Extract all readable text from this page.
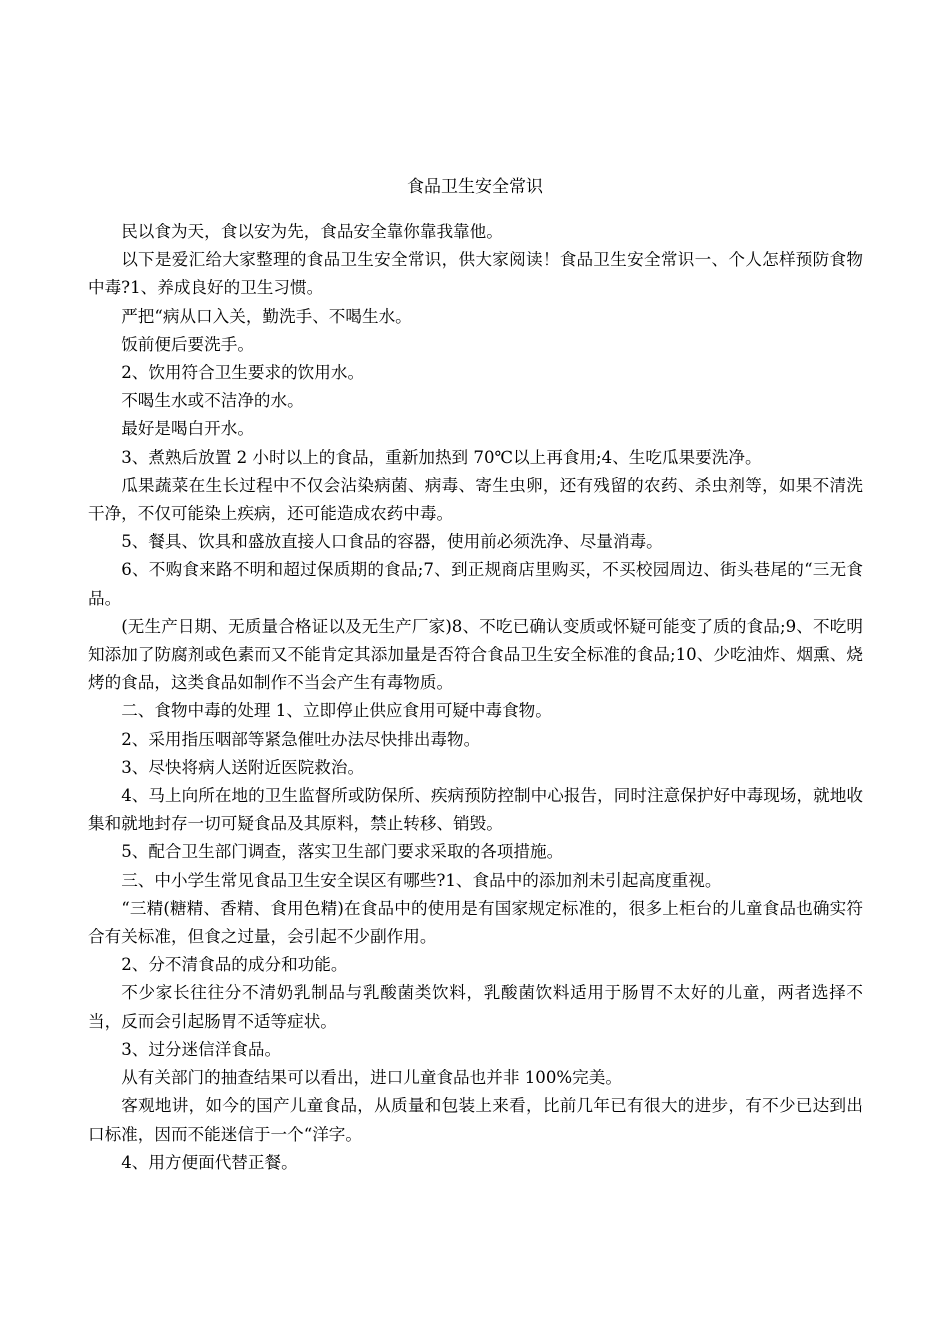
食品卫生安全常识

民以食为天，食以安为先，食品安全靠你靠我靠他。

以下是爱汇给大家整理的食品卫生安全常识，供大家阅读！食品卫生安全常识一、个人怎样预防食物中毒?1、养成良好的卫生习惯。

严把“病从口入关，勤洗手、不喝生水。

饭前便后要洗手。

2、饮用符合卫生要求的饮用水。

不喝生水或不洁净的水。

最好是喝白开水。

3、煮熟后放置 2 小时以上的食品，重新加热到 70℃以上再食用;4、生吃瓜果要洗净。

瓜果蔬菜在生长过程中不仅会沾染病菌、病毒、寄生虫卵，还有残留的农药、杀虫剂等，如果不清洗干净，不仅可能染上疾病，还可能造成农药中毒。

5、餐具、饮具和盛放直接人口食品的容器，使用前必须洗净、尽量消毒。

6、不购食来路不明和超过保质期的食品;7、到正规商店里购买，不买校园周边、街头巷尾的“三无食品。

(无生产日期、无质量合格证以及无生产厂家)8、不吃已确认变质或怀疑可能变了质的食品;9、不吃明知添加了防腐剂或色素而又不能肯定其添加量是否符合食品卫生安全标准的食品;10、少吃油炸、烟熏、烧烤的食品，这类食品如制作不当会产生有毒物质。

二、食物中毒的处理 1、立即停止供应食用可疑中毒食物。

2、采用指压咽部等紧急催吐办法尽快排出毒物。

3、尽快将病人送附近医院救治。

4、马上向所在地的卫生监督所或防保所、疾病预防控制中心报告，同时注意保护好中毒现场，就地收集和就地封存一切可疑食品及其原料，禁止转移、销毁。

5、配合卫生部门调查，落实卫生部门要求采取的各项措施。

三、中小学生常见食品卫生安全误区有哪些?1、食品中的添加剂未引起高度重视。

“三精(糖精、香精、食用色精)在食品中的使用是有国家规定标准的，很多上柜台的儿童食品也确实符合有关标准，但食之过量，会引起不少副作用。

2、分不清食品的成分和功能。

不少家长往往分不清奶乳制品与乳酸菌类饮料，乳酸菌饮料适用于肠胃不太好的儿童，两者选择不当，反而会引起肠胃不适等症状。

3、过分迷信洋食品。

从有关部门的抽查结果可以看出，进口儿童食品也并非 100%完美。

客观地讲，如今的国产儿童食品，从质量和包装上来看，比前几年已有很大的进步，有不少已达到出口标准，因而不能迷信于一个“洋字。

4、用方便面代替正餐。
